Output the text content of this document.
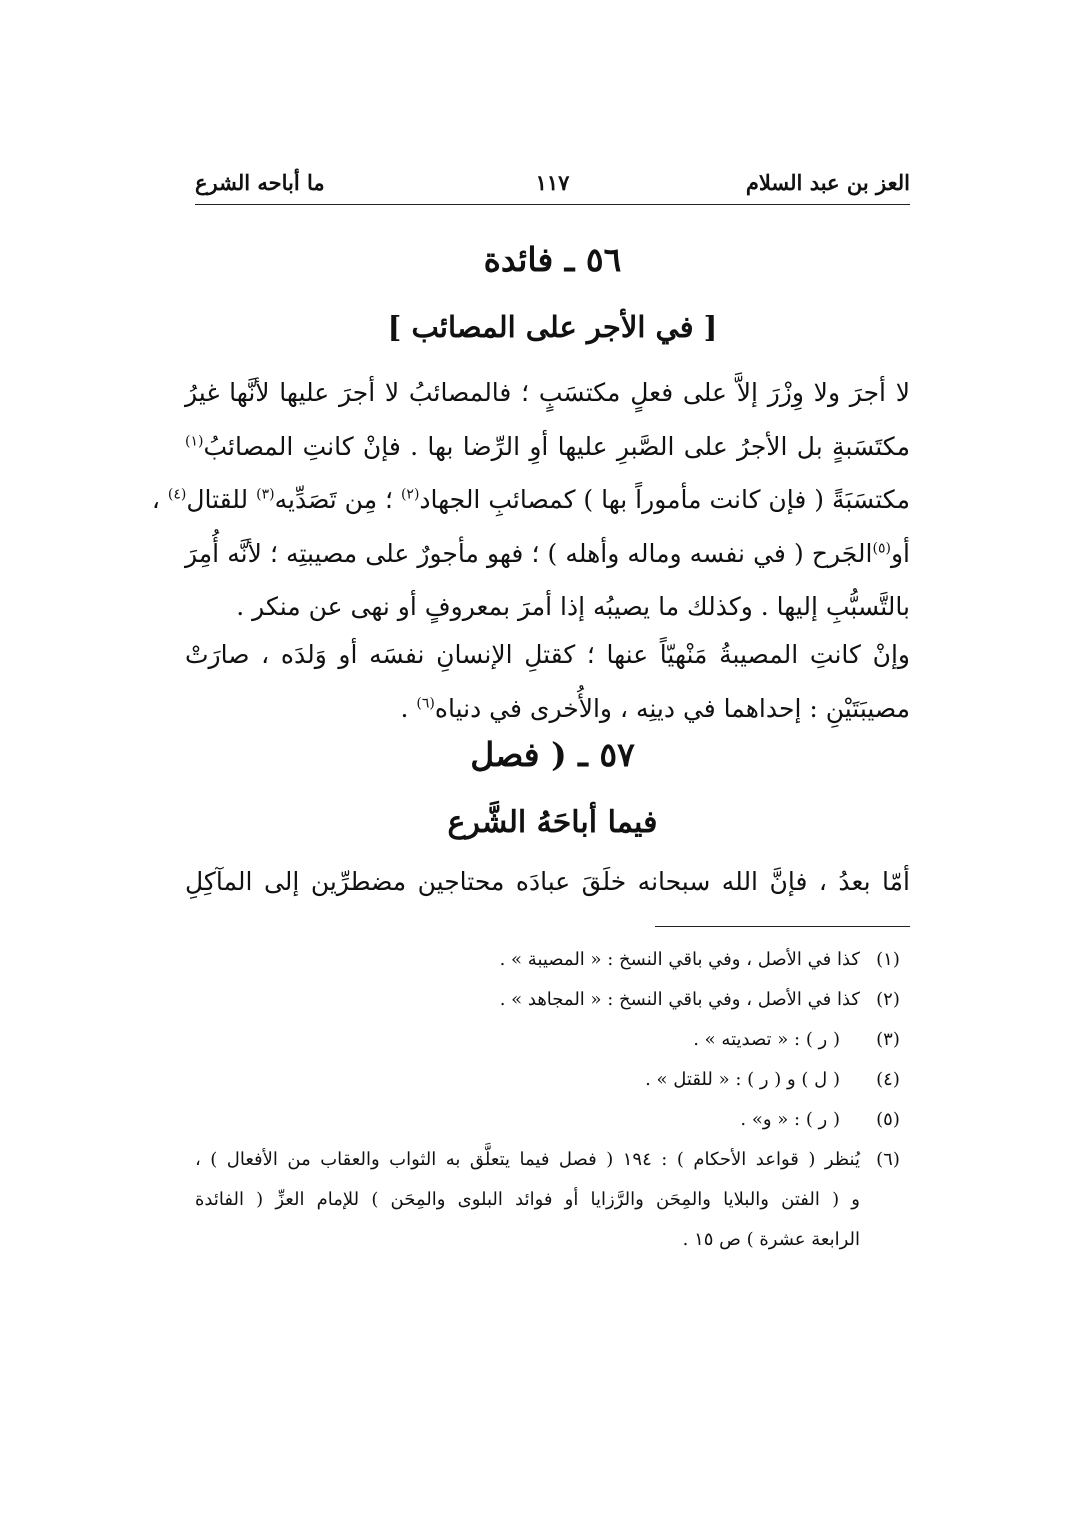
العز بن عبد السلام
١١٧
ما أباحه الشرع
٥٦ ـ فائدة
[ في الأجر على المصائب ]
لا أجرَ ولا وِزْرَ إلاَّ على فعلٍ مكتسَبٍ ؛ فالمصائبُ لا أجرَ عليها لأنَّها غيرُ
مكتَسَبةٍ بل الأجرُ على الصَّبرِ عليها أوِ الرِّضا بها . فإنْ كانتِ المصائبُ$^{(١)}$
مكتسَبَةً ( فإن كانت مأموراً بها ) كمصائبِ الجهاد$^{(٢)}$ ؛ مِن تَصَدِّيه$^{(٣)}$ للقتال$^{(٤)}$ ،
أو$^{(٥)}$الجَرح ( في نفسه وماله وأهله ) ؛ فهو مأجورٌ على مصيبتِه ؛ لأنَّه أُمِرَ
بالتَّسبُّبِ إليها . وكذلك ما يصيبُه إذا أمرَ بمعروفٍ أو نهى عن منكر .
وإنْ كانتِ المصيبةُ مَنْهيّاً عنها ؛ كقتلِ الإنسانِ نفسَه أو وَلدَه ، صارَتْ
مصيبَتَيْنِ : إحداهما في دينِه ، والأُخرى في دنياه$^{(٦)}$ .
٥٧ ـ ( فصل
فيما أباحَهُ الشَّرع
أمّا بعدُ ، فإنَّ الله سبحانه خلَقَ عبادَه محتاجين مضطرِّين إلى المآكِلِ
(١)
كذا في الأصل ، وفي باقي النسخ : « المصيبة » .
(٢)
كذا في الأصل ، وفي باقي النسخ : « المجاهد » .
(٣)
( ر ) : « تصديته » .
(٤)
( ل ) و ( ر ) : « للقتل » .
(٥)
( ر ) : « و» .
(٦)
يُنظر ( قواعد الأحكام ) : ١٩٤ ( فصل فيما يتعلَّق به الثواب والعقاب من الأفعال ) ،
و ( الفتن والبلايا والمِحَن والرَّزايا أو فوائد البلوى والمِحَن ) للإمام العزِّ ( الفائدة
الرابعة عشرة ) ص ١٥ .
